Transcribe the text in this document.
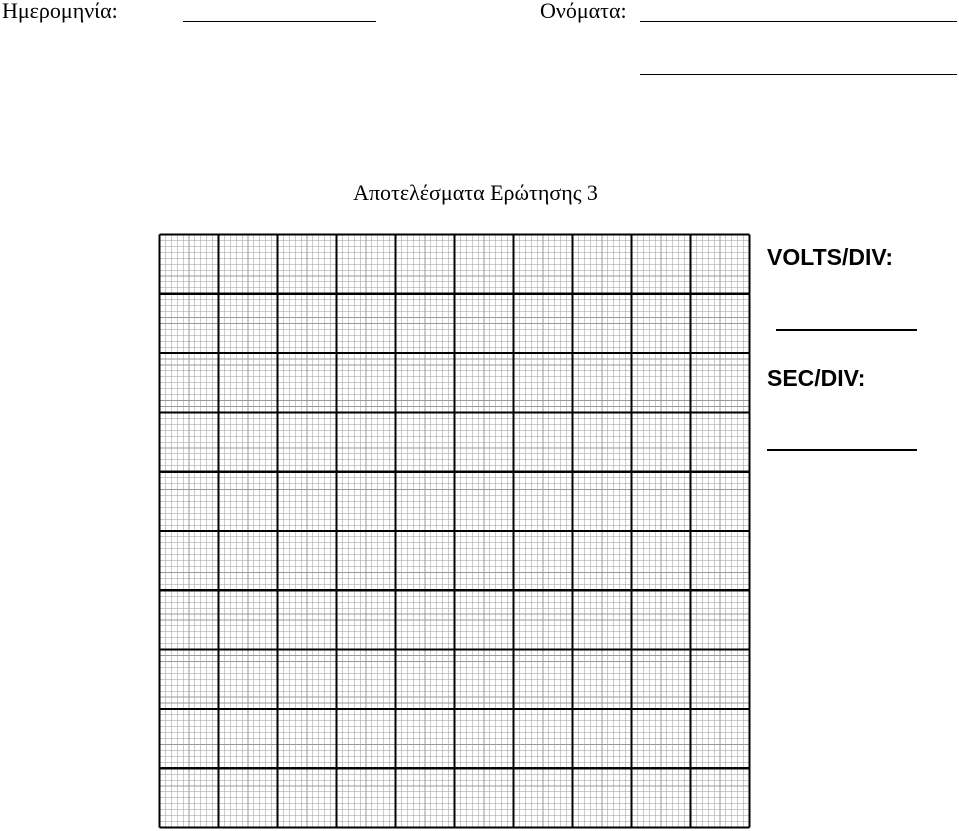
Ημερομηνία:	Ονόματα:
Αποτελέσματα Ερώτησης 3
VOLTS/DIV:
SEC/DIV:
